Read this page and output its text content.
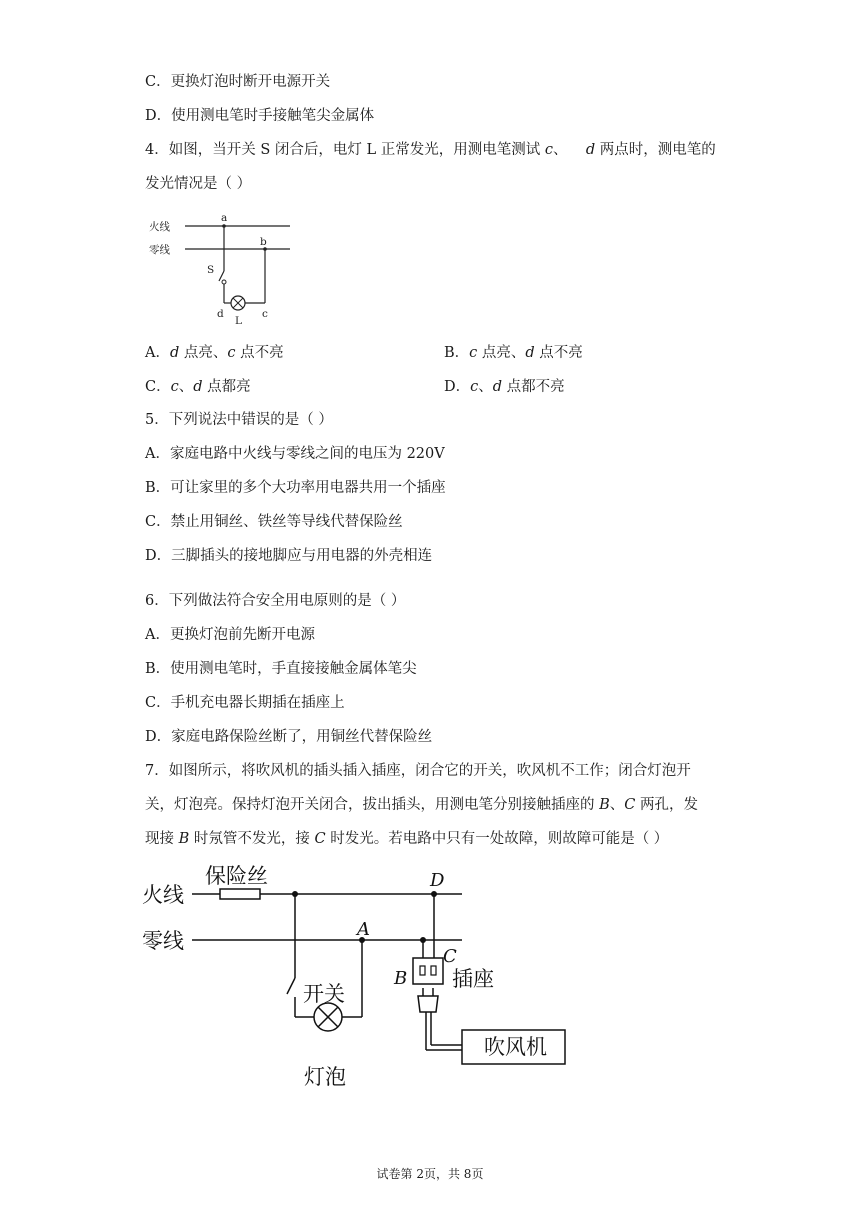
C．更换灯泡时断开电源开关
D．使用测电笔时手接触笔尖金属体
4．如图，当开关 S 闭合后，电灯 L 正常发光，用测电笔测试 c、    d 两点时，测电笔的
发光情况是（ ）
火线
零线
a
b
S
d	c
L
A．d 点亮、c 点不亮	B．c 点亮、d 点不亮
C．c、d 点都亮	D．c、d 点都不亮
5．下列说法中错误的是（ ）
A．家庭电路中火线与零线之间的电压为 220V
B．可让家里的多个大功率用电器共用一个插座
C．禁止用铜丝、铁丝等导线代替保险丝
D．三脚插头的接地脚应与用电器的外壳相连
6．下列做法符合安全用电原则的是（ ）
A．更换灯泡前先断开电源
B．使用测电笔时，手直接接触金属体笔尖
C．手机充电器长期插在插座上
D．家庭电路保险丝断了，用铜丝代替保险丝
7．如图所示，将吹风机的插头插入插座，闭合它的开关，吹风机不工作；闭合灯泡开
关，灯泡亮。保持灯泡开关闭合，拔出插头，用测电笔分别接触插座的 B、C 两孔，发
现接 B 时氖管不发光，接 C 时发光。若电路中只有一处故障，则故障可能是（ ）
火线
零线
保险丝
开关
灯泡
插座
吹风机
A
B
C
D
试卷第 2页，共 8页
